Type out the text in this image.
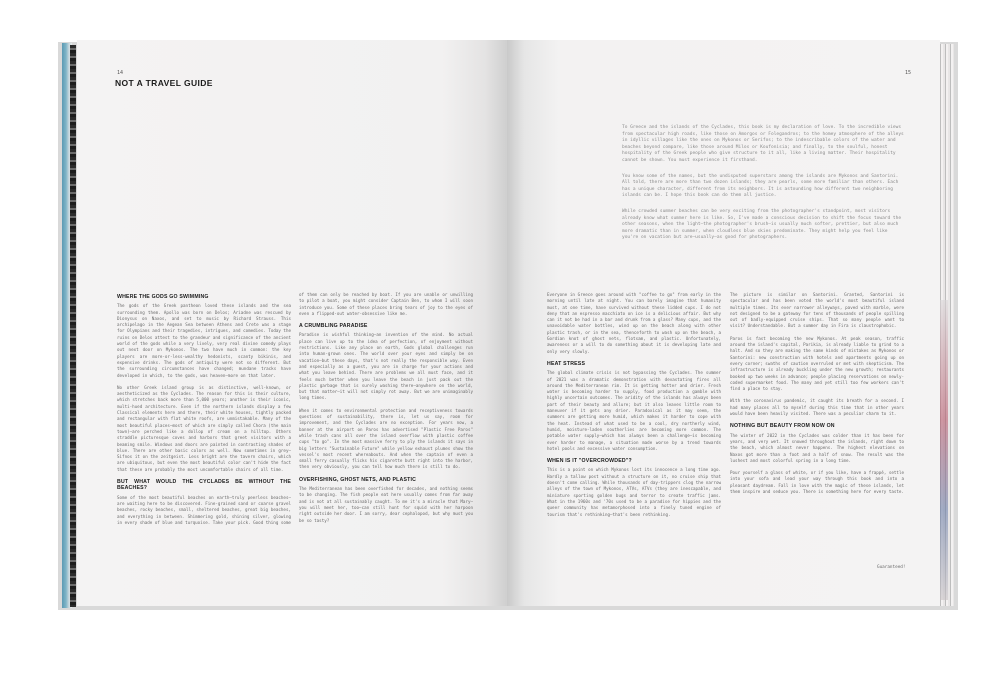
14	15
NOT A TRAVEL GUIDE
WHERE THE GODS GO SWIMMING

The gods of the Greek pantheon loved these islands and the sea surrounding them. Apollo was born on Delos; Ariadne was rescued by Dionysus on Naxos, and set to music by Richard Strauss. This archipelago in the Aegean Sea between Athens and Crete was a stage for Olympians and their tragedies, intrigues, and comedies. Today the ruins on Delos attest to the grandeur and significance of the ancient world of the gods while a very lively, very real divine comedy plays out next door on Mykonos. The two have much in common: the key players are more-or-less-wealthy hedonists, scanty bikinis, and expensive drinks. The gods of antiquity were not so different. But the surrounding circumstances have changed; mundane tracks have developed in which, to the gods, was heaven—more on that later.

No other Greek island group is as distinctive, well-known, or aestheticized as the Cyclades. The reason for this is their culture, which stretches back more than 5,000 years; another is their iconic, multi-hued architecture. Even if the northern islands display a few Classical elements here and there, their white houses, tightly packed and rectangular with flat white roofs, are unmistakable. Many of the most beautiful places—most of which are simply called Chora (the main town)—are perched like a dollop of cream on a hilltop. Others straddle picturesque coves and harbors that greet visitors with a beaming smile. Windows and doors are painted in contrasting shades of blue. There are other basic colors as well. Now sometimes in grey—Sifnos it on the zeitgeist. Less bright are the tavern chairs, which are ubiquitous, but even the most beautiful color can't hide the fact that these are probably the most uncomfortable chairs of all time.

BUT WHAT WOULD THE CYCLADES BE WITHOUT THE BEACHES?

Some of the most beautiful beaches on earth—truly peerless beaches—are waiting here to be discovered. Fine-grained sand or coarse gravel beaches, rocky beaches, small, sheltered beaches, great big beaches, and everything in between. Shimmering gold, shining silver, glowing in every shade of blue and turquoise. Take your pick. Good thing some

of them can only be reached by boat. If you are unable or unwilling to pilot a boat, you might consider Captain Ben, to whom I will soon introduce you. Some of these places bring tears of joy to the eyes of even a flipped-out water-obsessive like me.

A CRUMBLING PARADISE

Paradise is wishful thinking—an invention of the mind. No actual place can live up to the idea of perfection, of enjoyment without restrictions. Like any place on earth, Gods global challenges run into human-grown ones. The world over your eyes and simply be on vacation—but these days, that's not really the responsible way. Even and especially as a guest, you are in charge for your actions and what you leave behind. There are problems we all must face, and it feels much better when you leave the beach in just pack out the plastic garbage that is surely washing there—anywhere on the world, but that matter—it will not simply rot away. But we are unimaginably long times.

When it comes to environmental protection and receptiveness towards questions of sustainability, there is, let us say, room for improvement, and the Cyclades are no exception. For years now, a banner at the airport on Paros has advertised "Plastic Free Paros" while trash cans all over the island overflow with plastic coffee cups "to go". In the most massive ferry to ply the islands it says in big letters "Sustainable Future" while yellow exhaust plumes show the vessel's most recent whereabouts. And when the captain of even a small ferry casually flicks his cigarette butt right into the harbor, then very obviously, you can tell how much there is still to do.

OVERFISHING, GHOST NETS, AND PLASTIC

The Mediterranean has been overfished for decades, and nothing seems to be changing. The fish people eat here usually comes from far away and is not at all sustainably caught. To me it's a miracle that Mary—you will meet her, too—can still hunt for squid with her harpoon right outside her door. I am sorry, dear cephalopod, but why must you be so tasty?

To Greece and the islands of the Cyclades, this book is my declaration of love. To the incredible views from spectacular high roads, like those on Amorgos or Folegandros; to the homey atmosphere of the alleys in idyllic villages like the ones on Mykonos or Serifos; to the indescribable colors of the water and beaches beyond compare, like those around Milos or Koufonisia; and finally, to the soulful, honest hospitality of the Greek people who give structure to it all, like a living matter. Their hospitality cannot be shown. You must experience it firsthand.

You know some of the names, but the undisputed superstars among the islands are Mykonos and Santorini. All told, there are more than two dozen islands; they are pearls, some more familiar than others. Each has a unique character, different from its neighbors. It is astounding how different two neighboring islands can be. I hope this book can do them all justice.

While crowded summer beaches can be very exciting from the photographer's standpoint, most visitors already know what summer here is like. So, I've made a conscious decision to shift the focus toward the other seasons, when the light—the photographer's brush—is usually much softer, prettier, but also much more dramatic than in summer, when cloudless blue skies predominate. They might help you feel like you're on vacation but are—usually—as good for photographers.

Everyone in Greece goes around with "coffee to go" from early in the morning until late at night. You can barely imagine that humanity must, at one time, have survived without these lidded cups. I do not deny that an espresso macchiato on ice is a delicious affair. But why can it not be had in a bar and drunk from a glass? Many cups, and the unavoidable water bottles, wind up on the beach along with other plastic trash, or in the sea, thenceforth to wash up on the beach, a Gordian knot of ghost nets, flotsam, and plastic. Unfortunately, awareness or a will to do something about it is developing late and only very slowly.

HEAT STRESS

The global climate crisis is not bypassing the Cyclades. The summer of 2021 was a dramatic demonstration with devastating fires all around the Mediterranean rim. It is getting hotter and drier. Fresh water is becoming harder to supply, food production a gamble with highly uncertain outcomes. The aridity of the islands has always been part of their beauty and allure; but it also leaves little room to maneuver if it gets any drier. Paradoxical as it may seem, the summers are getting more humid, which makes it harder to cope with the heat. Instead of what used to be a cool, dry northerly wind, humid, moisture-laden southerlies are becoming more common. The potable water supply—which has always been a challenge—is becoming ever harder to manage, a situation made worse by a trend towards hotel pools and excessive water consumption.

WHEN IS IT "OVERCROWDED"?

This is a point on which Mykonos lost its innocence a long time ago. Hardly a tallow post without a structure on it, no cruise ship that doesn't come calling. While thousands of day-trippers clog the narrow alleys of the town of Mykonos, ATVs, ATVs (they are inescapable, and miniature sporting golden bugs and terror to create traffic jams. What in the 1960s and '70s used to be a paradise for hippies and the queer community has metamorphosed into a finely tuned engine of tourism that's rethinking—that's been rethinking.

The picture is similar on Santorini. Granted, Santorini is spectacular and has been voted the world's most beautiful island multiple times. Its ever narrower alleyways, paved with marble, were not designed to be a gateway for tens of thousands of people spilling out of badly-equipped cruise ships. That so many people want to visit? Understandable. But a summer day in Fira is claustrophobic.

Paros is fast becoming the new Mykonos. At peak season, traffic around the island's capital, Parikia, is already liable to grind to a halt. And so they are making the same kinds of mistakes as Mykonos or Santorini: new construction with hotels and apartments going up on every corner; swaths of caution overruled or met with skepticism. The infrastructure is already buckling under the new growth; restaurants booked up two weeks in advance; people placing reservations on newly-coded supermarket food. The many and yet still too few workers can't find a place to stay.

With the coronavirus pandemic, it caught its breath for a second. I had many places all to myself during this time that in other years would have been heavily visited. There was a peculiar charm to it.

NOTHING BUT BEAUTY FROM NOW ON

The winter of 2022 in the Cyclades was colder than it has been for years, and very wet. It snowed throughout the islands, right down to the beach, which almost never happens. The highest elevations on Naxos got more than a foot and a half of snow. The result was the lushest and most colorful spring in a long time.

Pour yourself a glass of white, or if you like, have a frappé, settle into your sofa and lead your way through this book and into a pleasant daydream. Fall in love with the magic of these islands, let them inspire and seduce you. There is something here for every taste.

Guaranteed!
